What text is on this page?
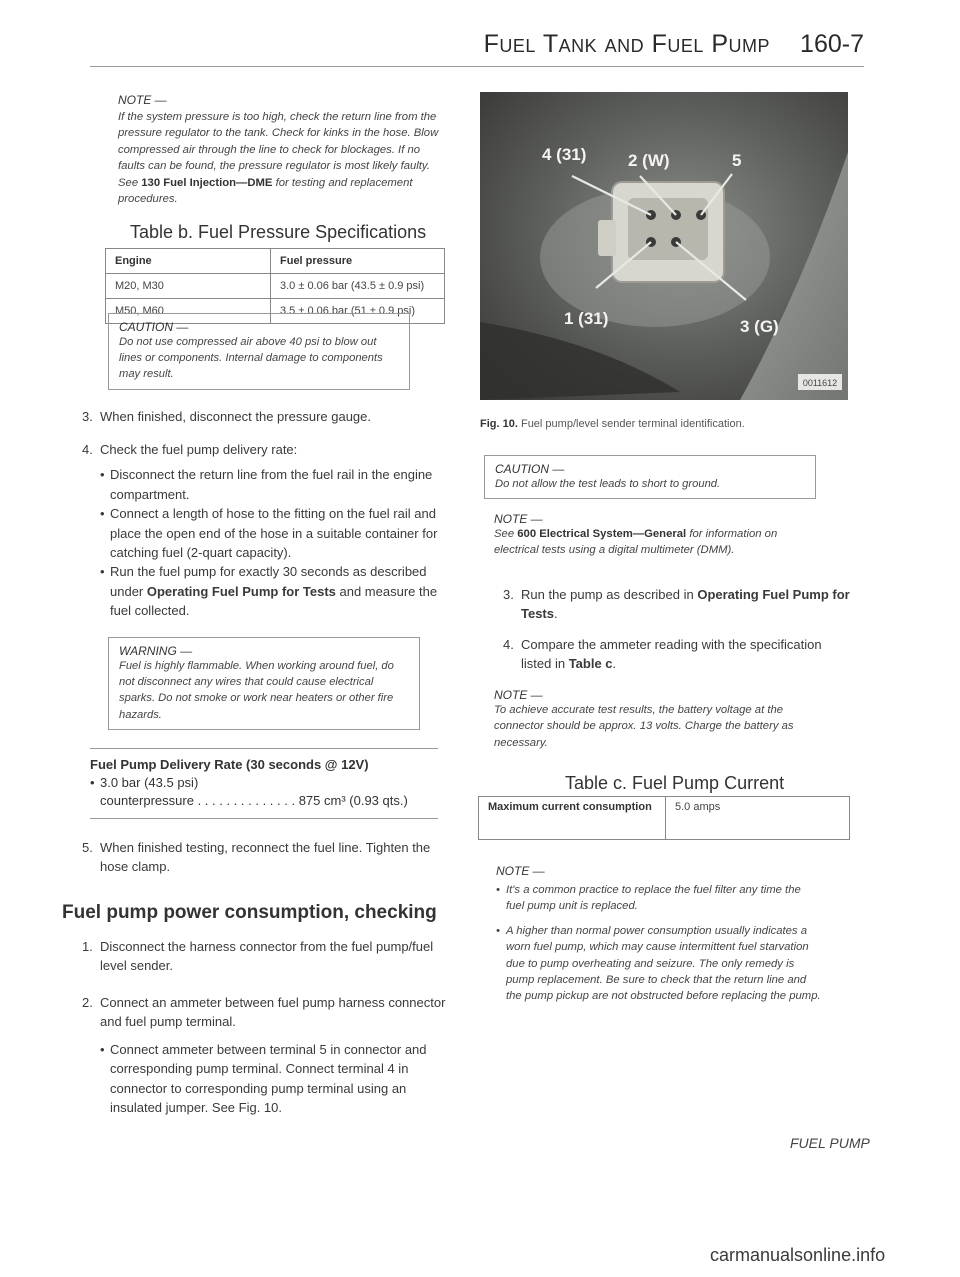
Fuel Tank and Fuel Pump 160-7
NOTE —
If the system pressure is too high, check the return line from the pressure regulator to the tank. Check for kinks in the hose. Blow compressed air through the line to check for blockages. If no faults can be found, the pressure regulator is most likely faulty. See 130 Fuel Injection—DME for testing and replacement procedures.
Table b. Fuel Pressure Specifications
Engine	Fuel pressure
M20, M30	3.0 ± 0.06 bar (43.5 ± 0.9 psi)
M50, M60	3.5 ± 0.06 bar (51 ± 0.9 psi)
CAUTION —
Do not use compressed air above 40 psi to blow out lines or components. Internal damage to components may result.
3. When finished, disconnect the pressure gauge.
4. Check the fuel pump delivery rate:
• Disconnect the return line from the fuel rail in the engine compartment.
• Connect a length of hose to the fitting on the fuel rail and place the open end of the hose in a suitable container for catching fuel (2-quart capacity).
• Run the fuel pump for exactly 30 seconds as described under Operating Fuel Pump for Tests and measure the fuel collected.
WARNING —
Fuel is highly flammable. When working around fuel, do not disconnect any wires that could cause electrical sparks. Do not smoke or work near heaters or other fire hazards.
Fuel Pump Delivery Rate (30 seconds @ 12V)
• 3.0 bar (43.5 psi)
counterpressure . . . . . . . . . . . . . . 875 cm³ (0.93 qts.)
5. When finished testing, reconnect the fuel line. Tighten the hose clamp.
Fuel pump power consumption, checking
1. Disconnect the harness connector from the fuel pump/fuel level sender.
2. Connect an ammeter between fuel pump harness connector and fuel pump terminal.
• Connect ammeter between terminal 5 in connector and corresponding pump terminal. Connect terminal 4 in connector to corresponding pump terminal using an insulated jumper. See Fig. 10.
4 (31) 2 (W)	5
1 (31)	3 (G)
0011612
Fig. 10. Fuel pump/level sender terminal identification.
CAUTION —
Do not allow the test leads to short to ground.
NOTE —
See 600 Electrical System—General for information on electrical tests using a digital multimeter (DMM).
3. Run the pump as described in Operating Fuel Pump for Tests.
4. Compare the ammeter reading with the specification listed in Table c.
NOTE —
To achieve accurate test results, the battery voltage at the connector should be approx. 13 volts. Charge the battery as necessary.
Table c. Fuel Pump Current
Maximum current consumption	5.0 amps
NOTE —
• It's a common practice to replace the fuel filter any time the fuel pump unit is replaced.
• A higher than normal power consumption usually indicates a worn fuel pump, which may cause intermittent fuel starvation due to pump overheating and seizure. The only remedy is pump replacement. Be sure to check that the return line and the pump pickup are not obstructed before replacing the pump.
FUEL PUMP
carmanualsonline.info
